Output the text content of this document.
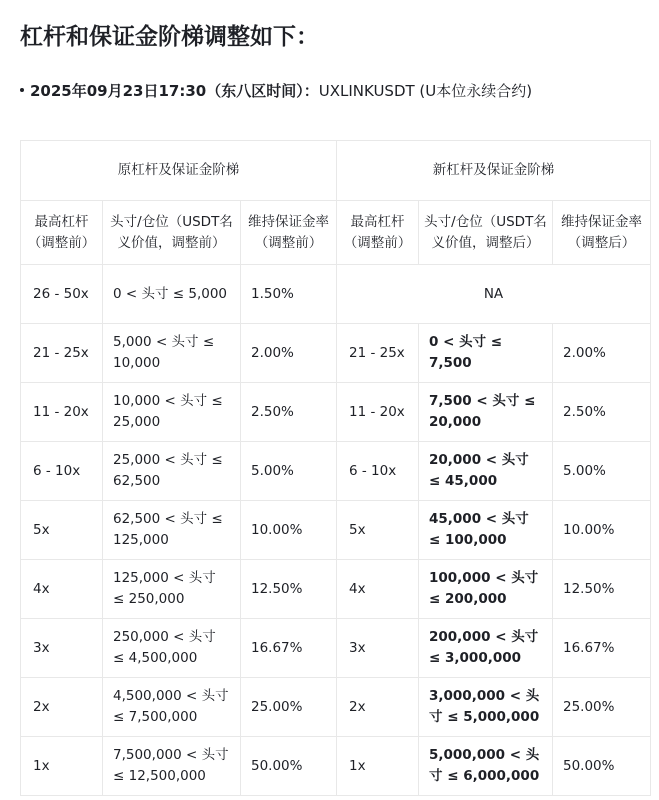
杠杆和保证金阶梯调整如下：
2025年09月23日17:30（东八区时间）：UXLINKUSDT (U本位永续合约)
原杠杆及保证金阶梯			新杠杆及保证金阶梯		
最高杠杆（调整前）	头寸/仓位（USDT名义价值，调整前）	维持保证金率 （调整前）	最高杠杆（调整前）	头寸/仓位（USDT名义价值，调整后）	维持保证金率 （调整后）
26 - 50x	0 < 头寸 ≤ 5,000	1.50%	NA		
21 - 25x	5,000 < 头寸 ≤ 10,000	2.00%	21 - 25x	0 < 头寸 ≤ 7,500	2.00%
11 - 20x	10,000 < 头寸 ≤ 25,000	2.50%	11 - 20x	7,500 < 头寸 ≤ 20,000	2.50%
6 - 10x	25,000 < 头寸 ≤ 62,500	5.00%	6 - 10x	20,000 < 头寸 ≤ 45,000	5.00%
5x	62,500 < 头寸 ≤ 125,000	10.00%	5x	45,000 < 头寸 ≤ 100,000	10.00%
4x	125,000 < 头寸 ≤ 250,000	12.50%	4x	100,000 < 头寸 ≤ 200,000	12.50%
3x	250,000 < 头寸 ≤ 4,500,000	16.67%	3x	200,000 < 头寸 ≤ 3,000,000	16.67%
2x	4,500,000 < 头寸 ≤ 7,500,000	25.00%	2x	3,000,000 < 头寸 ≤ 5,000,000	25.00%
1x	7,500,000 < 头寸 ≤ 12,500,000	50.00%	1x	5,000,000 < 头寸 ≤ 6,000,000	50.00%
